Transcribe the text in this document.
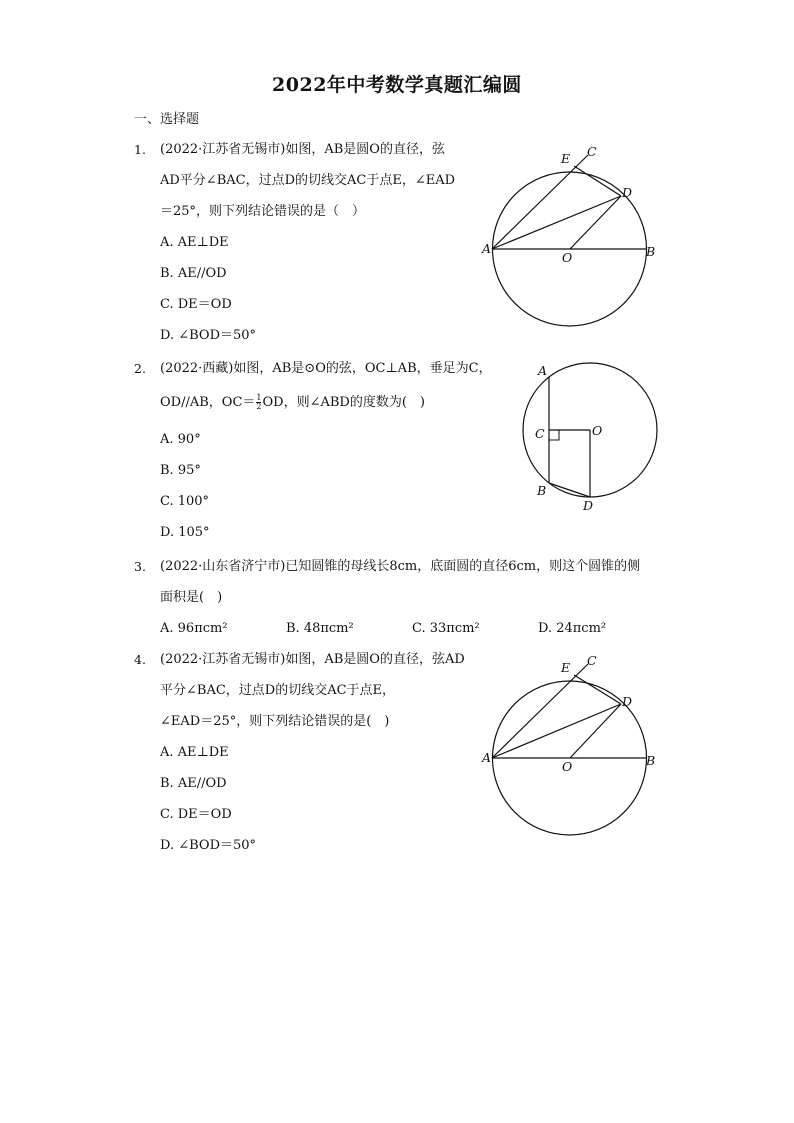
2022年中考数学真题汇编圆
一、选择题
1. (2022·江苏省无锡市)如图，AB是圆O的直径，弦
AD平分∠BAC，过点D的切线交AC于点E，∠EAD
＝25°，则下列结论错误的是（　）
A. AE⊥DE
B. AE//OD
C. DE＝OD
D. ∠BOD＝50°
E C
D
A
O	B
2. (2022·西藏)如图，AB是⊙O的弦，OC⊥AB，垂足为C，
OD//AB，$OC= \frac{1}{2}$ OD，则∠ABD的度数为(　)
A. 90°
B. 95°
C. 100°
D. 105°
A
C	O
B
D
3. (2022·山东省济宁市)已知圆锥的母线长8cm，底面圆的直径6cm，则这个圆锥的侧
面积是(　)
A. 96πcm²	B. 48πcm²	C. 33πcm²	D. 24πcm²
4. (2022·江苏省无锡市)如图，AB是圆O的直径，弦AD
平分∠BAC，过点D的切线交AC于点E，
∠EAD＝25°，则下列结论错误的是(　)
A. AE⊥DE
B. AE//OD
C. DE＝OD
D. ∠BOD＝50°
E C
D
A
O	B
